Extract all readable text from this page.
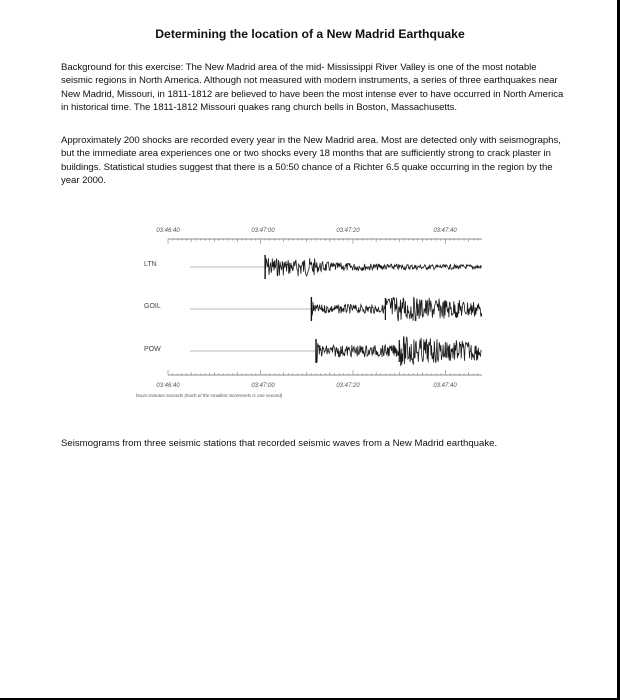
Determining the location of a New Madrid Earthquake

Background for this exercise: The New Madrid area of the mid- Mississippi River Valley is one of the most notable seismic regions in North America. Although not measured with modern instruments, a series of three earthquakes near New Madrid, Missouri, in 1811-1812 are believed to have been the most intense ever to have occurred in North America in historical time. The 1811-1812 Missouri quakes rang church bells in Boston, Massachusetts.

Approximately 200 shocks are recorded every year in the New Madrid area. Most are detected only with seismographs, but the immediate area experiences one or two shocks every 18 months that are sufficiently strong to crack plaster in buildings. Statistical studies suggest that there is a 50:50 chance of a Richter 6.5 quake occurring in the region by the year 2000.

03:46:40	03:47:00	03:47:20	03:47:40
LTN
GOIL
POW
03:46:40	03:47:00	03:47:20	03:47:40
hours:minutes:seconds (Each of the smallest increments is one second)

Seismograms from three seismic stations that recorded seismic waves from a New Madrid earthquake.
